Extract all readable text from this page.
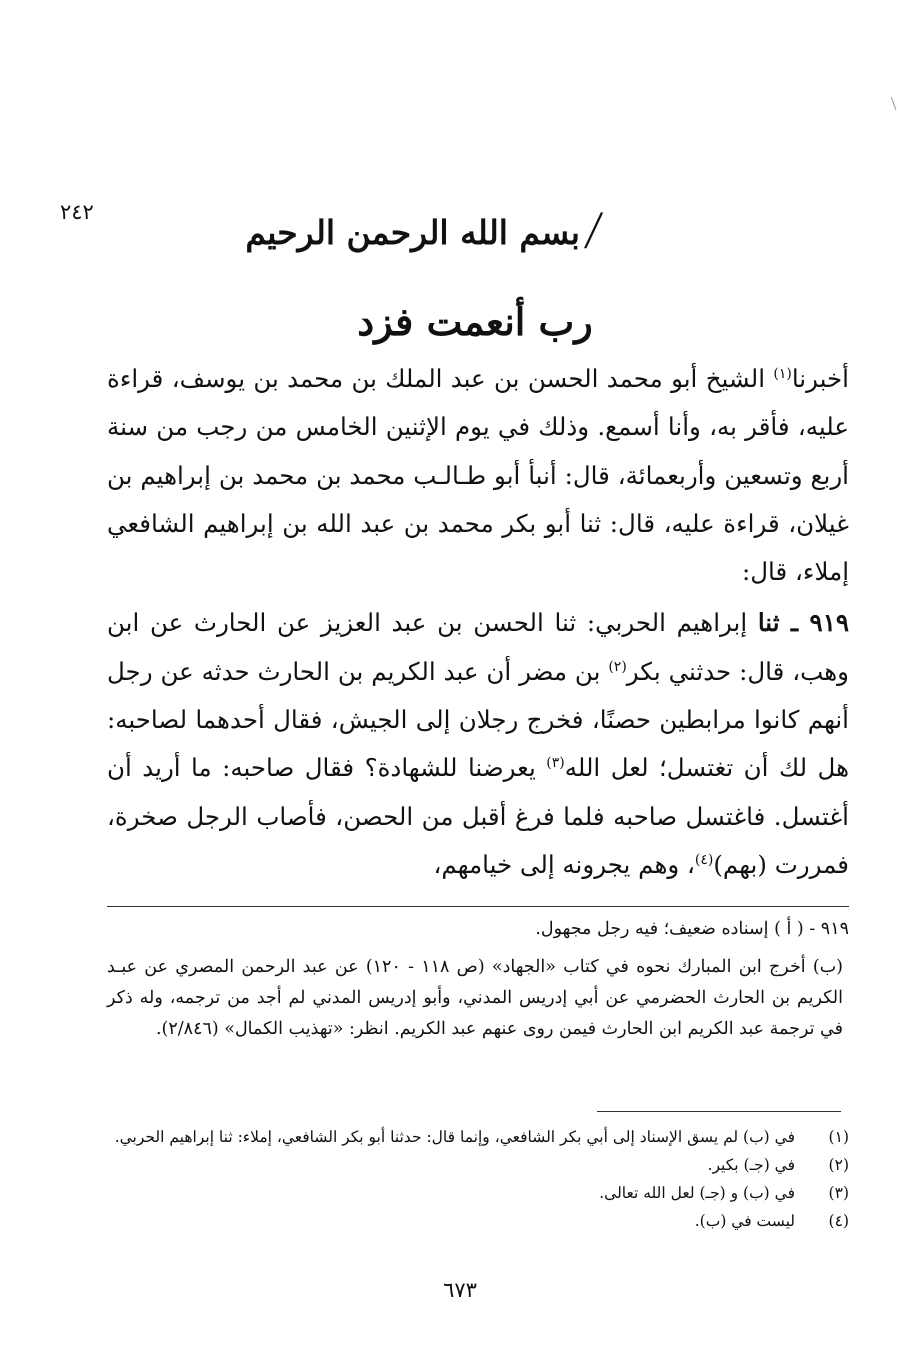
٢٤٢	/
بسم الله الرحمن الرحيم
رب أنعمت فزد

أخبرنا$^{(١)}$ الشيخ أبو محمد الحسن بن عبد الملك بن محمد بن يوسف، قراءة عليه، فأقر به، وأنا أسمع. وذلك في يوم الإثنين الخامس من رجب من سنة أربع وتسعين وأربعمائة، قال: أنبأ أبو طـالـب محمد بن محمد بن إبراهيم بن غيلان، قراءة عليه، قال: ثنا أبو بكر محمد بن عبد الله بن إبراهيم الشافعي إملاء، قال:

٩١٩ ـ ثنا إبراهيم الحربي: ثنا الحسن بن عبد العزيز عن الحارث عن ابن وهب، قال: حدثني بكر$^{(٢)}$ بن مضر أن عبد الكريم بن الحارث حدثه عن رجل أنهم كانوا مرابطين حصنًا، فخرج رجلان إلى الجيش، فقال أحدهما لصاحبه: هل لك أن تغتسل؛ لعل الله$^{(٣)}$ يعرضنا للشهادة؟ فقال صاحبه: ما أريد أن أغتسل. فاغتسل صاحبه فلما فرغ أقبل من الحصن، فأصاب الرجل صخرة، فمررت (بهم)$^{(٤)}$، وهم يجرونه إلى خيامهم،

٩١٩ - ( أ ) إسناده ضعيف؛ فيه رجل مجهول.

(ب) أخرج ابن المبارك نحوه في كتاب «الجهاد» (ص ١١٨ - ١٢٠) عن عبد الرحمن المصري عن عبـد الكريم بن الحارث الحضرمي عن أبي إدريس المدني، وأبو إدريس المدني لم أجد من ترجمه، وله ذكر في ترجمة عبد الكريم ابن الحارث فيمن روى عنهم عبد الكريم. انظر: «تهذيب الكمال» (٢/٨٤٦).

(١)
في (ب) لم يسق الإسناد إلى أبي بكر الشافعي، وإنما قال: حدثنا أبو بكر الشافعي، إملاء: ثنا إبراهيم الحربي.
(٢)
في (جـ) بكير.
(٣)
في (ب) و (جـ) لعل الله تعالى.
(٤)
ليست في (ب).
٦٧٣
